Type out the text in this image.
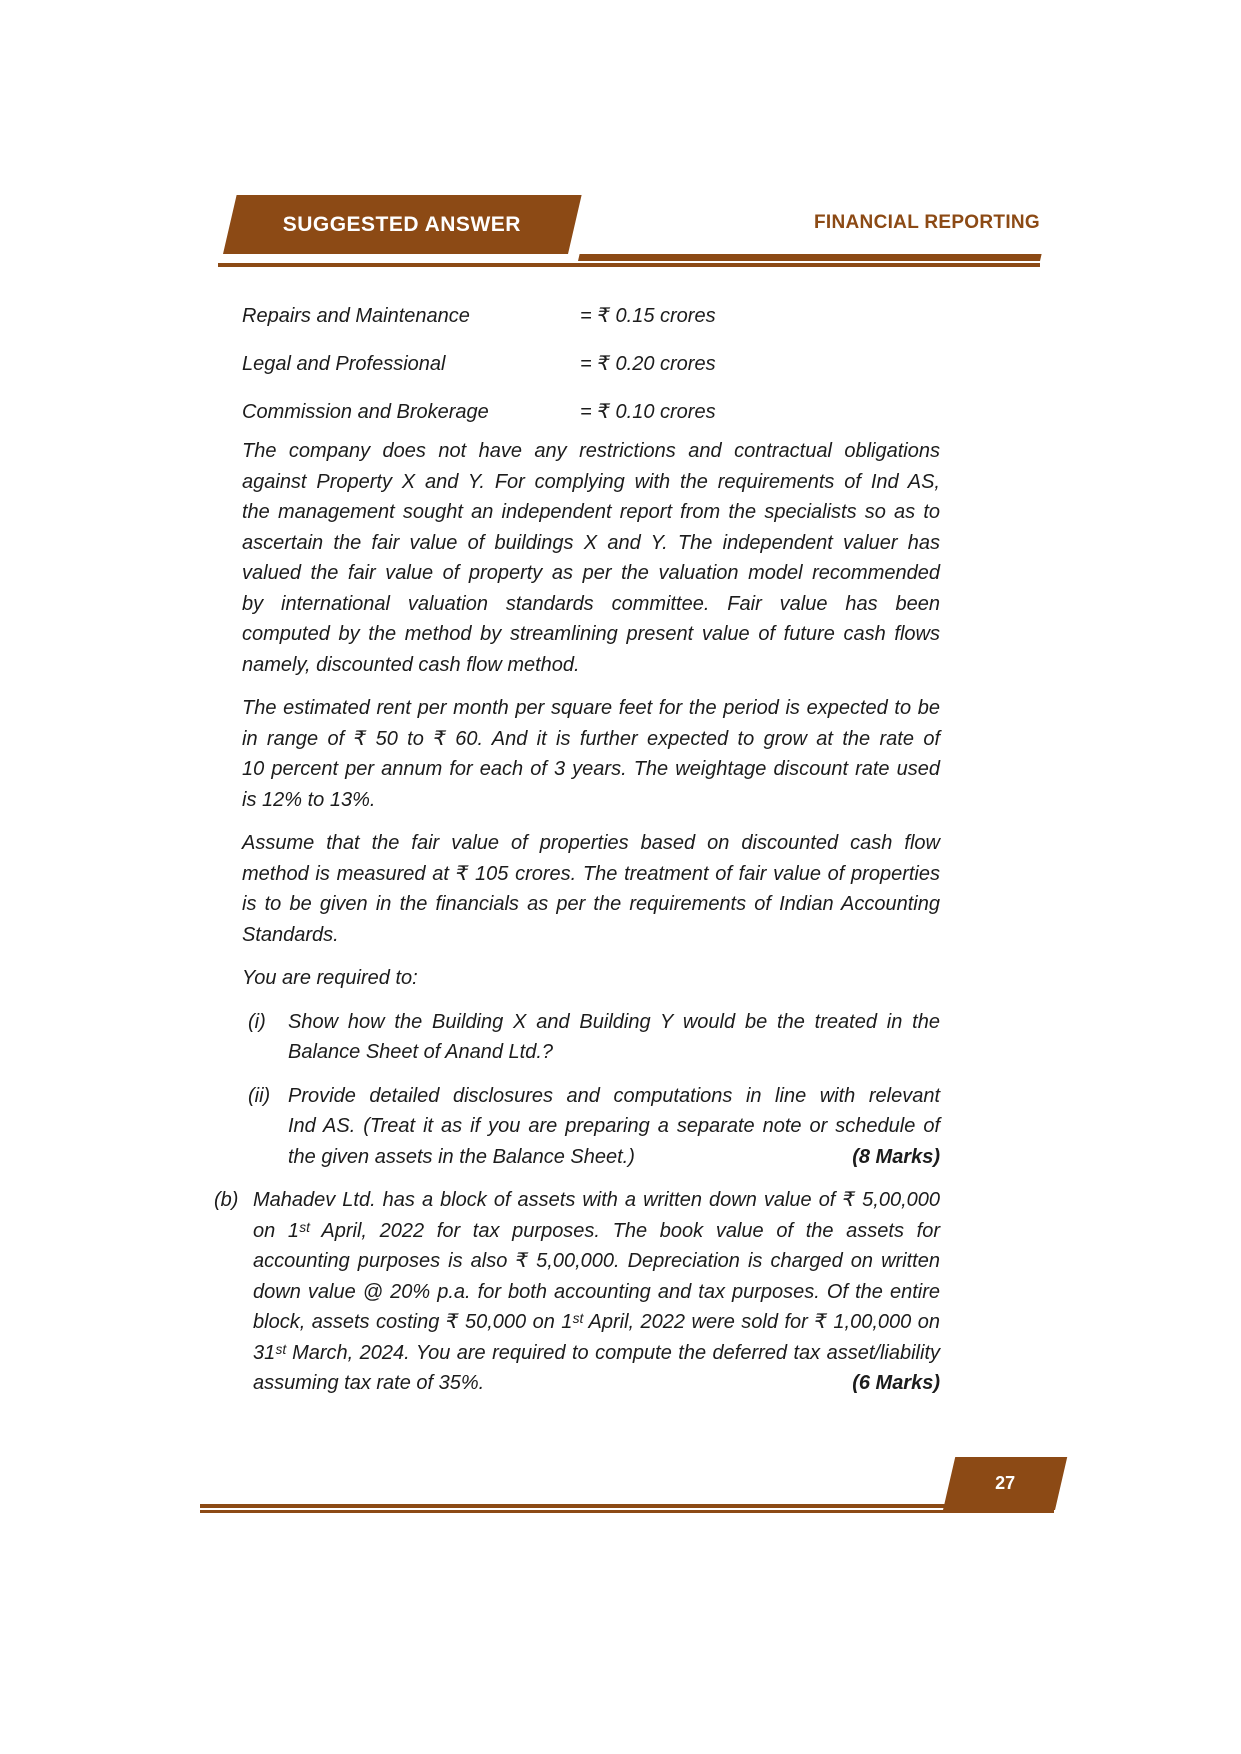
SUGGESTED ANSWER	FINANCIAL REPORTING
Repairs and Maintenance	= ₹ 0.15 crores
Legal and Professional	= ₹ 0.20 crores
Commission and Brokerage	= ₹ 0.10 crores
The company does not have any restrictions and contractual obligations
against Property X and Y. For complying with the requirements of Ind AS,
the management sought an independent report from the specialists so as to
ascertain the fair value of buildings X and Y. The independent valuer has
valued the fair value of property as per the valuation model recommended
by international valuation standards committee. Fair value has been
computed by the method by streamlining present value of future cash flows
namely, discounted cash flow method.
The estimated rent per month per square feet for the period is expected to be
in range of ₹ 50 to ₹ 60. And it is further expected to grow at the rate of
10 percent per annum for each of 3 years. The weightage discount rate used
is 12% to 13%.
Assume that the fair value of properties based on discounted cash flow
method is measured at ₹ 105 crores. The treatment of fair value of properties
is to be given in the financials as per the requirements of Indian Accounting
Standards.
You are required to:
(i)	Show how the Building X and Building Y would be the treated in the
Balance Sheet of Anand Ltd.?
(ii) Provide detailed disclosures and computations in line with relevant
Ind AS. (Treat it as if you are preparing a separate note or schedule of
the given assets in the Balance Sheet.)	(8 Marks)
(b) Mahadev Ltd. has a block of assets with a written down value of ₹ 5,00,000
on 1ˢᵗ April, 2022 for tax purposes. The book value of the assets for
accounting purposes is also ₹ 5,00,000. Depreciation is charged on written
down value @ 20% p.a. for both accounting and tax purposes. Of the entire
block, assets costing ₹ 50,000 on 1ˢᵗ April, 2022 were sold for ₹ 1,00,000 on
31ˢᵗ March, 2024. You are required to compute the deferred tax asset/liability
assuming tax rate of 35%.	(6 Marks)
27
